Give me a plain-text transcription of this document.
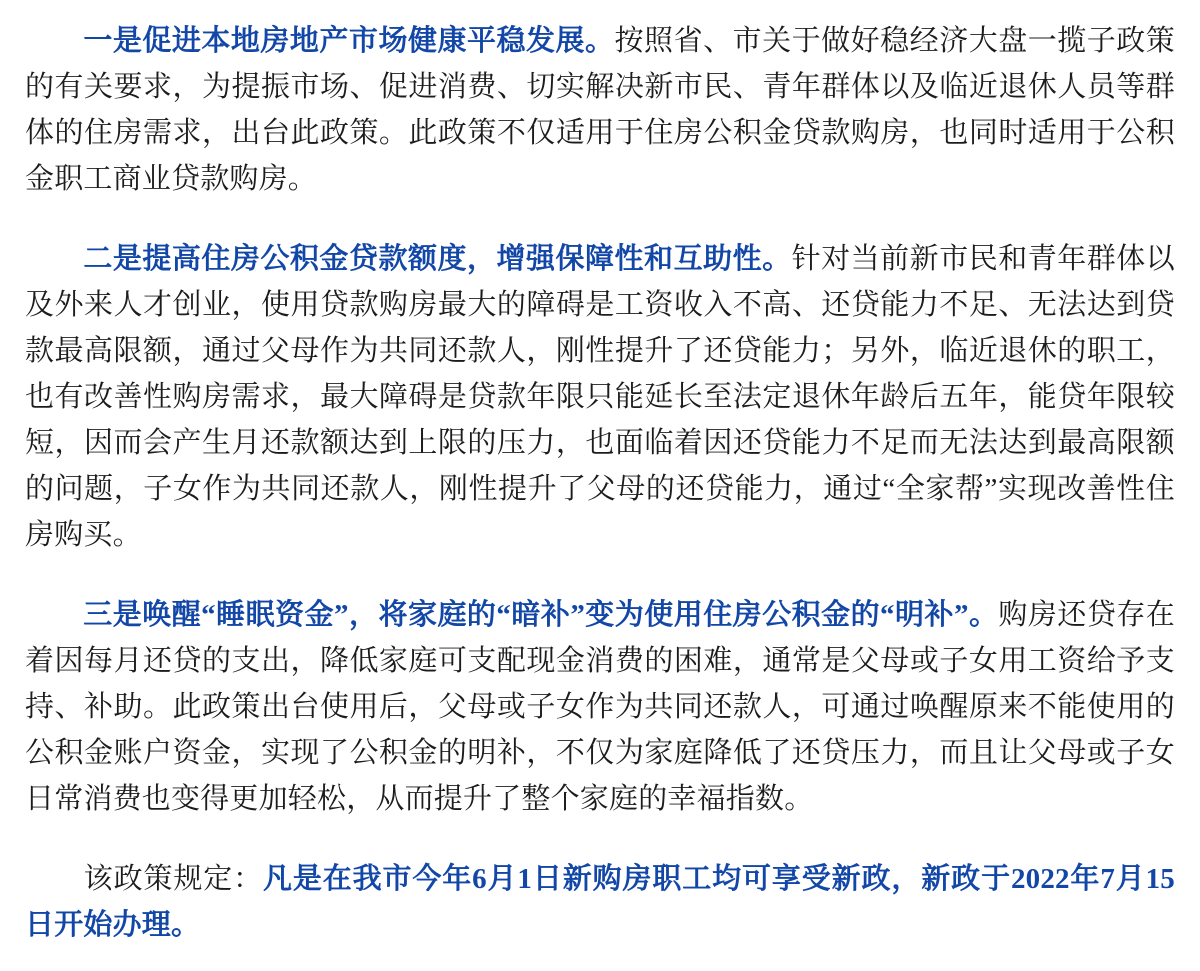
一是促进本地房地产市场健康平稳发展。按照省、市关于做好稳经济大盘一揽子政策的有关要求，为提振市场、促进消费、切实解决新市民、青年群体以及临近退休人员等群体的住房需求，出台此政策。此政策不仅适用于住房公积金贷款购房，也同时适用于公积金职工商业贷款购房。

二是提高住房公积金贷款额度，增强保障性和互助性。针对当前新市民和青年群体以及外来人才创业，使用贷款购房最大的障碍是工资收入不高、还贷能力不足、无法达到贷款最高限额，通过父母作为共同还款人，刚性提升了还贷能力；另外，临近退休的职工，也有改善性购房需求，最大障碍是贷款年限只能延长至法定退休年龄后五年，能贷年限较短，因而会产生月还款额达到上限的压力，也面临着因还贷能力不足而无法达到最高限额的问题，子女作为共同还款人，刚性提升了父母的还贷能力，通过“全家帮”实现改善性住房购买。

三是唤醒“睡眠资金”，将家庭的“暗补”变为使用住房公积金的“明补”。购房还贷存在着因每月还贷的支出，降低家庭可支配现金消费的困难，通常是父母或子女用工资给予支持、补助。此政策出台使用后，父母或子女作为共同还款人，可通过唤醒原来不能使用的公积金账户资金，实现了公积金的明补，不仅为家庭降低了还贷压力，而且让父母或子女日常消费也变得更加轻松，从而提升了整个家庭的幸福指数。

该政策规定：凡是在我市今年6月1日新购房职工均可享受新政，新政于2022年7月15日开始办理。
